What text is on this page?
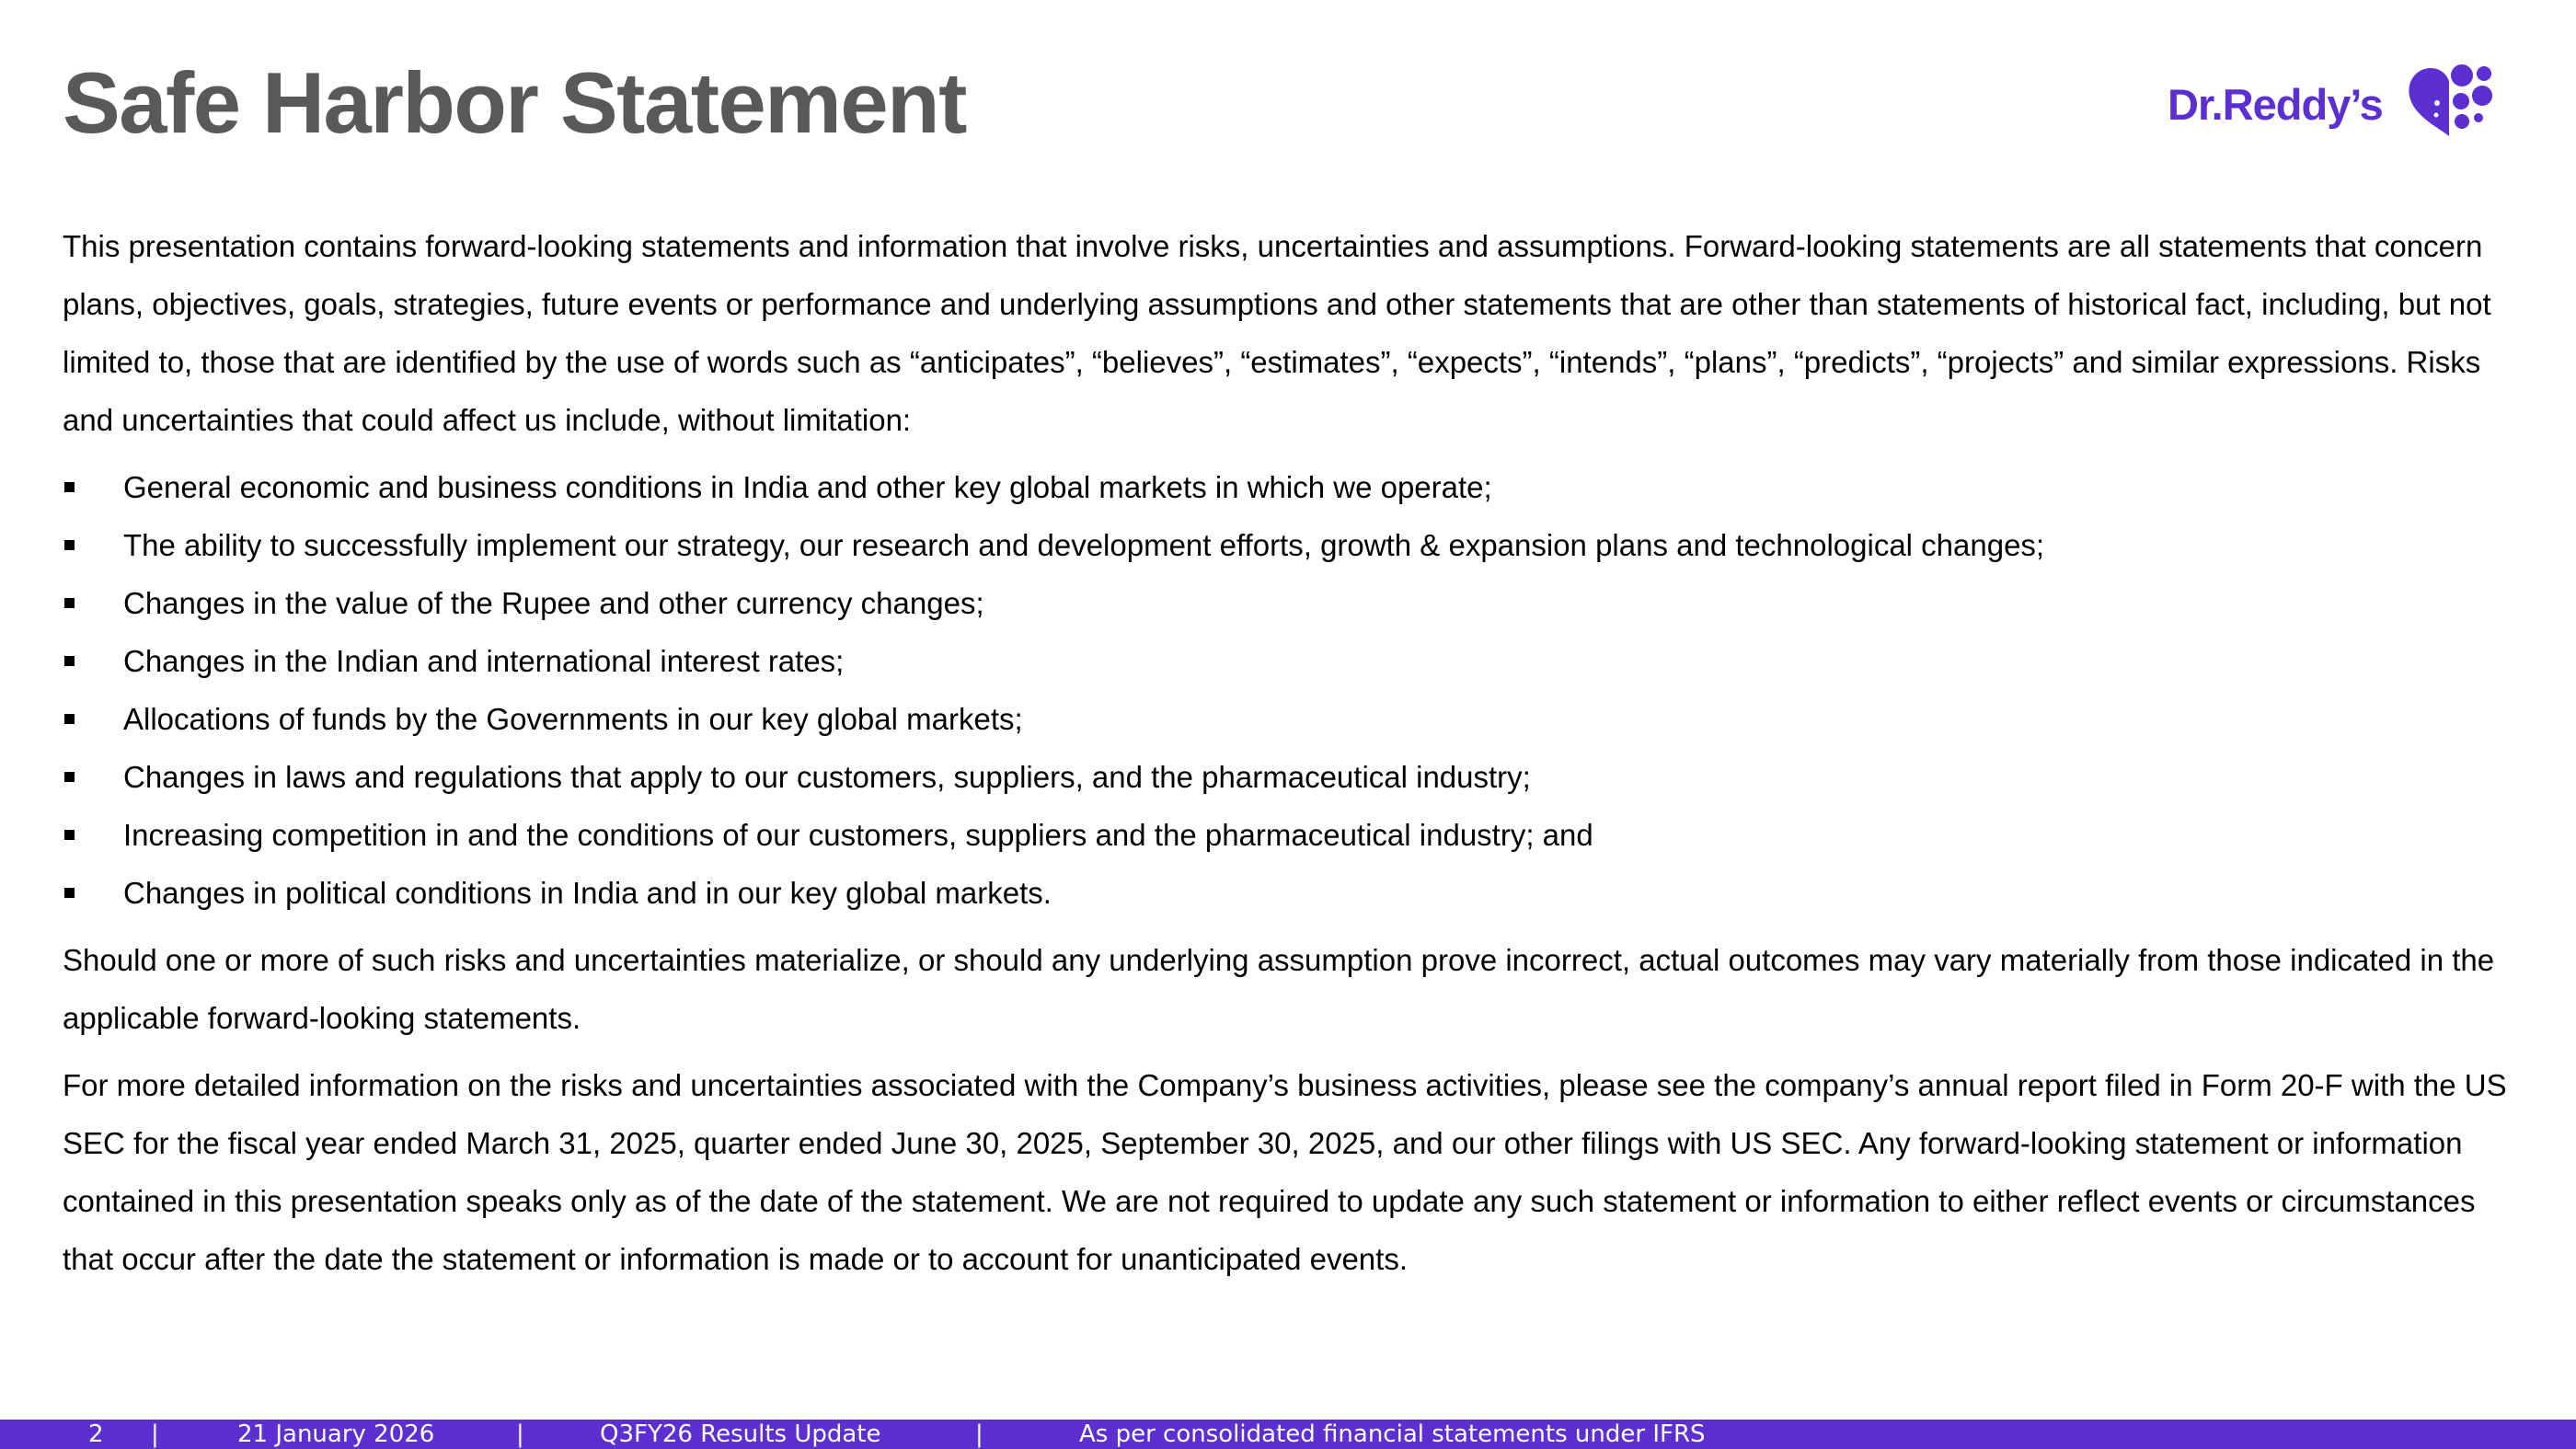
Safe Harbor Statement	Dr.Reddy’s

This presentation contains forward-looking statements and information that involve risks, uncertainties and assumptions. Forward-looking statements are all statements that concern plans, objectives, goals, strategies, future events or performance and underlying assumptions and other statements that are other than statements of historical fact, including, but not limited to, those that are identified by the use of words such as “anticipates”, “believes”, “estimates”, “expects”, “intends”, “plans”, “predicts”, “projects” and similar expressions. Risks and uncertainties that could affect us include, without limitation:

General economic and business conditions in India and other key global markets in which we operate;
The ability to successfully implement our strategy, our research and development efforts, growth & expansion plans and technological changes;
Changes in the value of the Rupee and other currency changes;
Changes in the Indian and international interest rates;
Allocations of funds by the Governments in our key global markets;
Changes in laws and regulations that apply to our customers, suppliers, and the pharmaceutical industry;
Increasing competition in and the conditions of our customers, suppliers and the pharmaceutical industry; and
Changes in political conditions in India and in our key global markets.

Should one or more of such risks and uncertainties materialize, or should any underlying assumption prove incorrect, actual outcomes may vary materially from those indicated in the applicable forward-looking statements.

For more detailed information on the risks and uncertainties associated with the Company’s business activities, please see the company’s annual report filed in Form 20-F with the US SEC for the fiscal year ended March 31, 2025, quarter ended June 30, 2025, September 30, 2025, and our other filings with US SEC. Any forward-looking statement or information contained in this presentation speaks only as of the date of the statement. We are not required to update any such statement or information to either reflect events or circumstances that occur after the date the statement or information is made or to account for unanticipated events.

2 |	21 January 2026	|	Q3FY26 Results Update	|	As per consolidated financial statements under IFRS
